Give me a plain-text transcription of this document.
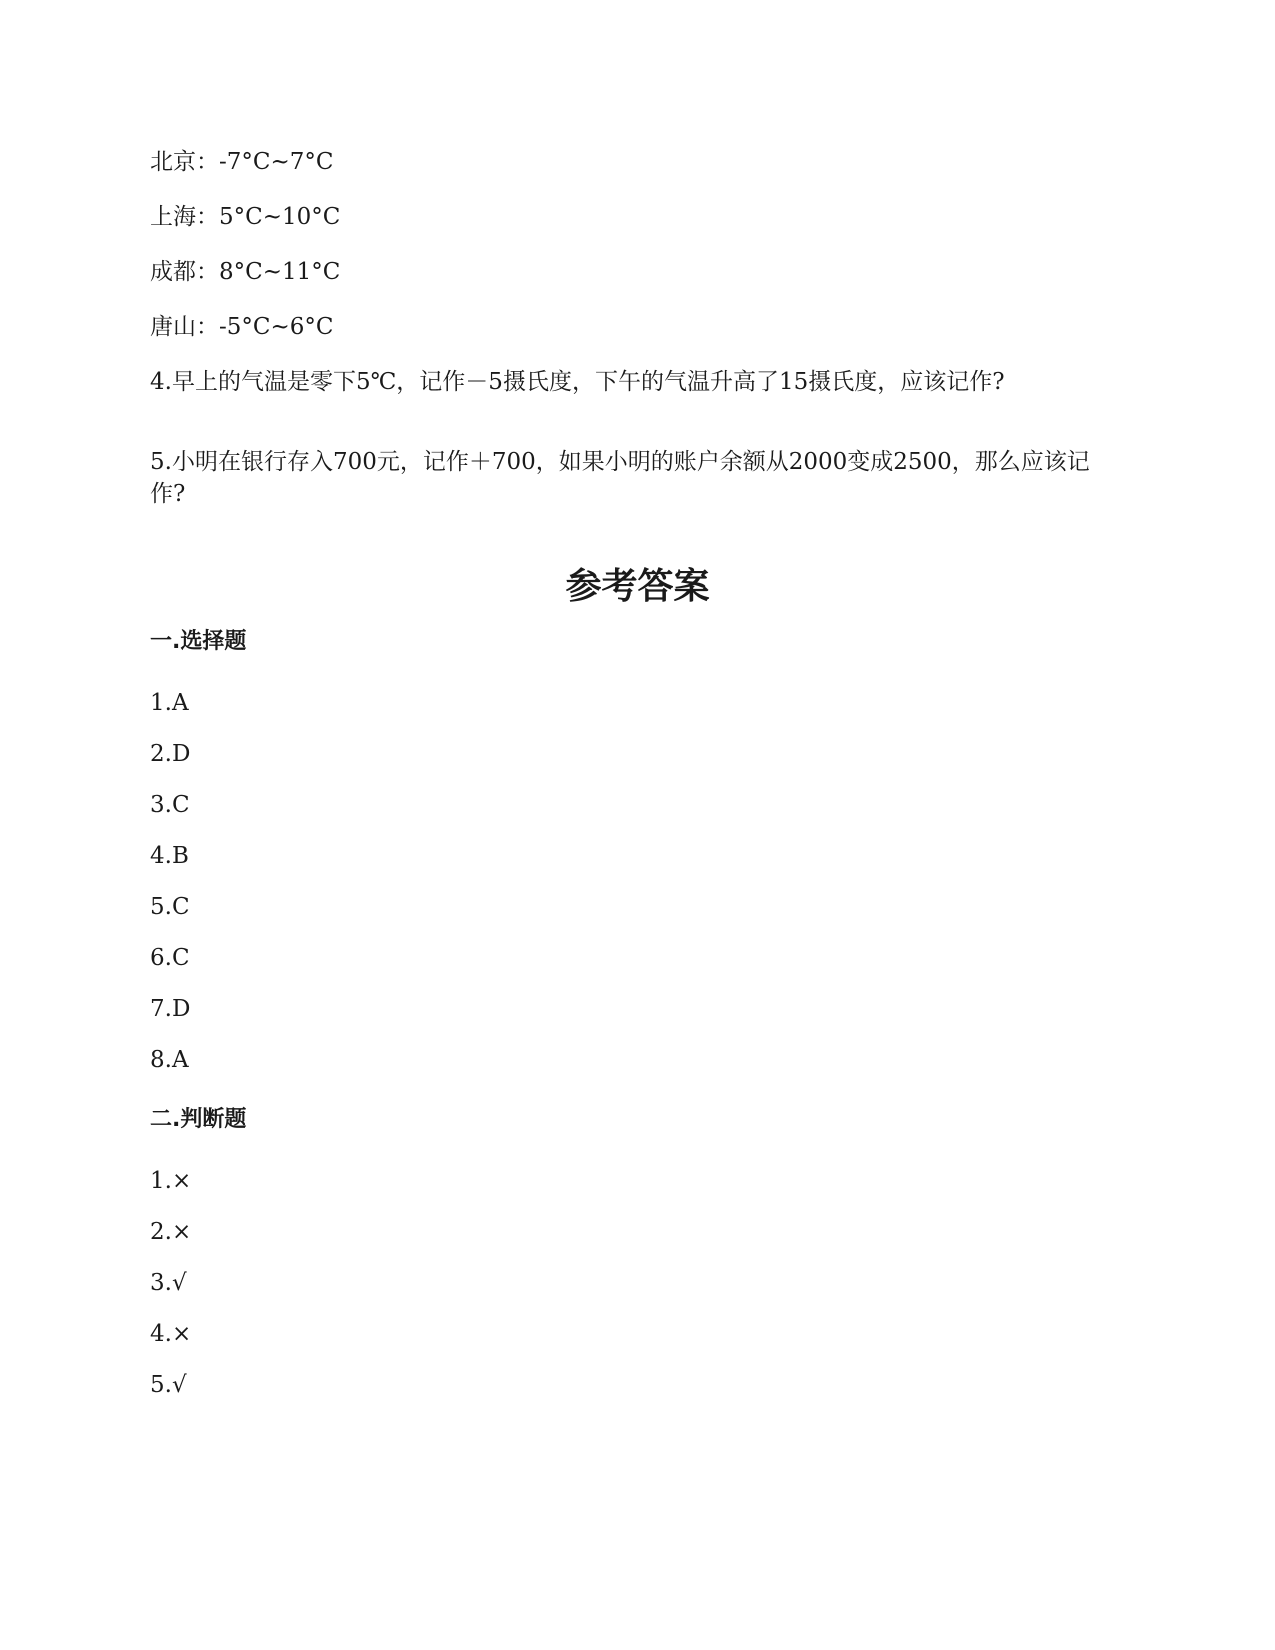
北京：-7°C~7°C
上海：5°C~10°C
成都：8°C~11°C
唐山：-5°C~6°C
4.早上的气温是零下5℃，记作－5摄氏度，下午的气温升高了15摄氏度，应该记作?
5.小明在银行存入700元，记作＋700，如果小明的账户余额从2000变成2500，那么应该记作?
参考答案
一.选择题
1.A
2.D
3.C
4.B
5.C
6.C
7.D
8.A
二.判断题
1.×
2.×
3.√
4.×
5.√
